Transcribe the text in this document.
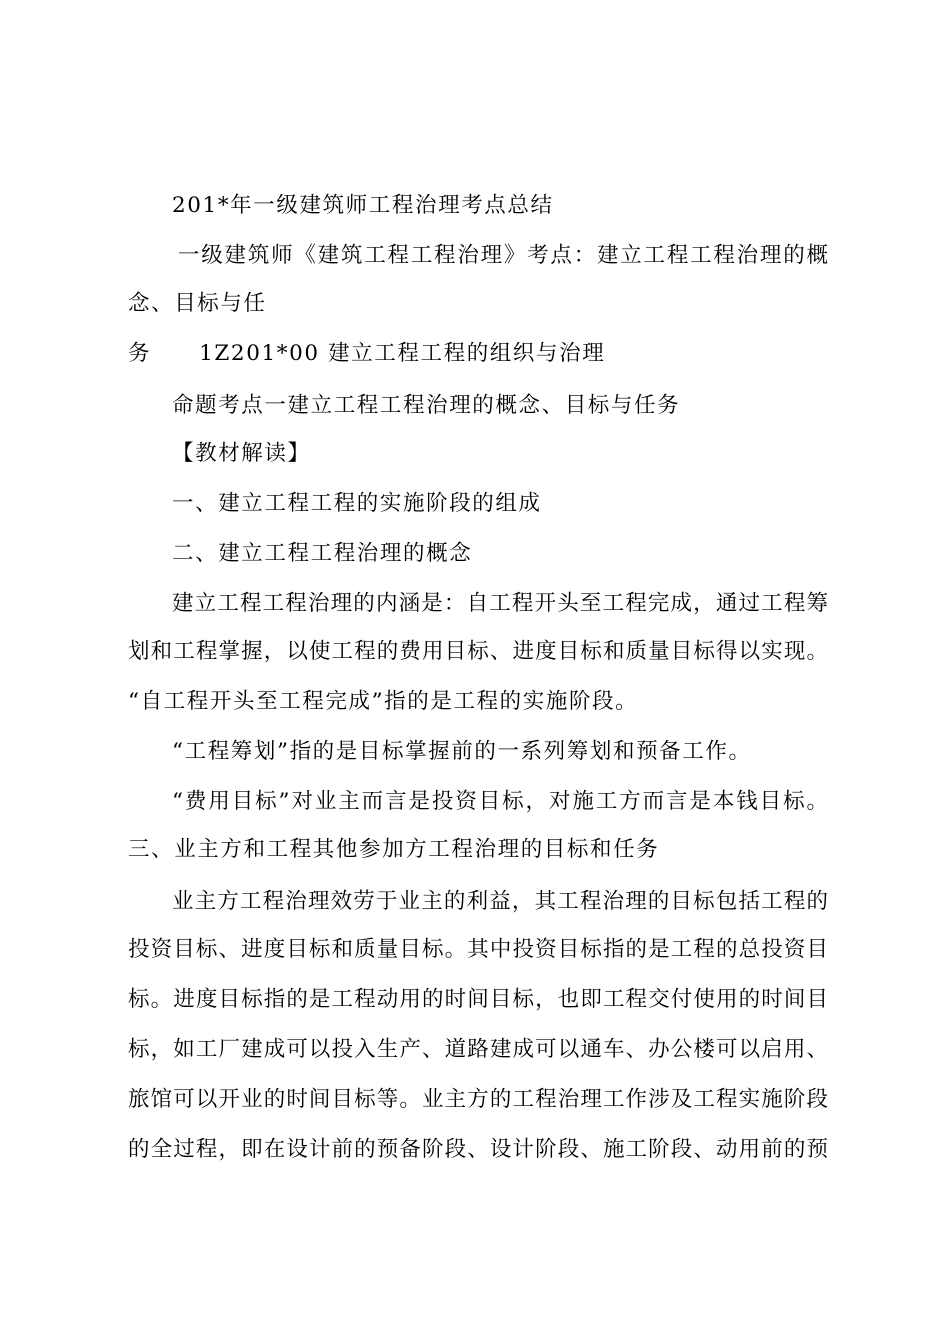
201*年一级建筑师工程治理考点总结

一级建筑师《建筑工程工程治理》考点：建立工程工程治理的概

念、目标与任

务 1Z201*00 建立工程工程的组织与治理

命题考点一建立工程工程治理的概念、目标与任务

【教材解读】

一、建立工程工程的实施阶段的组成

二、建立工程工程治理的概念

建立工程工程治理的内涵是：自工程开头至工程完成，通过工程筹

划和工程掌握，以使工程的费用目标、进度目标和质量目标得以实现。

“自工程开头至工程完成”指的是工程的实施阶段。

“工程筹划”指的是目标掌握前的一系列筹划和预备工作。

“费用目标”对业主而言是投资目标，对施工方而言是本钱目标。

三、业主方和工程其他参加方工程治理的目标和任务

业主方工程治理效劳于业主的利益，其工程治理的目标包括工程的

投资目标、进度目标和质量目标。其中投资目标指的是工程的总投资目

标。进度目标指的是工程动用的时间目标，也即工程交付使用的时间目

标，如工厂建成可以投入生产、道路建成可以通车、办公楼可以启用、

旅馆可以开业的时间目标等。业主方的工程治理工作涉及工程实施阶段

的全过程，即在设计前的预备阶段、设计阶段、施工阶段、动用前的预
